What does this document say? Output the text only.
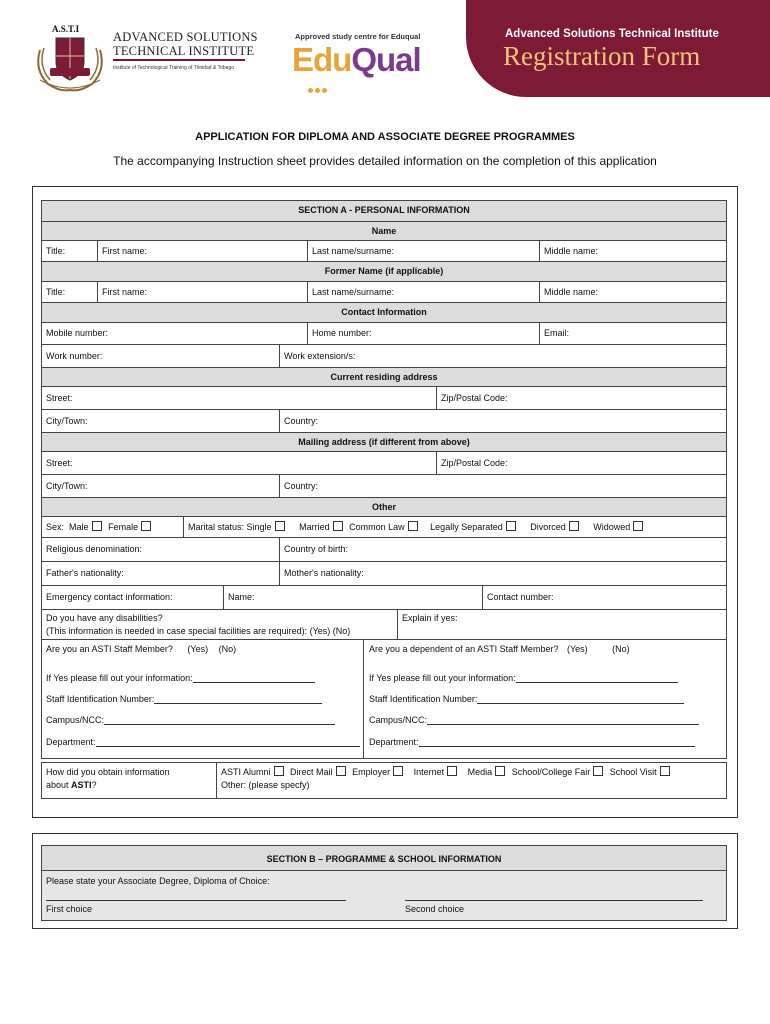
A.S.T.I
ADVANCED SOLUTIONS
TECHNICAL INSTITUTE
Institute of Technological Training of Trinidad & Tobago
Approved study centre for Eduqual
EduQual
Advanced Solutions Technical Institute
Registration Form
APPLICATION FOR DIPLOMA AND ASSOCIATE DEGREE PROGRAMMES
The accompanying Instruction sheet provides detailed information on the completion of this application
SECTION A - PERSONAL INFORMATION
Name
Title:	First name:	Last name/surname:	Middle name:
Former Name (if applicable)
Title:	First name:	Last name/surname:	Middle name:
Contact Information
Mobile number:	Home number:	Email:
Work number:	Work extension/s:
Current residing address
Street:	Zip/Postal Code:
City/Town:	Country:
Mailing address (if different from above)
Street:	Zip/Postal Code:
City/Town:	Country:
Other
Sex: Male Female	Marital status: Single	Married Common Law	Legally Separated	Divorced	Widowed
Religious denomination:	Country of birth:
Father's nationality:	Mother's nationality:
Emergency contact information:	Name:	Contact number:
Do you have any disabilities?
(This information is needed in case special facilities are required): (Yes) (No)
Explain if yes:
Are you an ASTI Staff Member? (Yes) (No)
If Yes please fill out your information:
Staff Identification Number:
Campus/NCC:
Department:
Are you a dependent of an ASTI Staff Member? (Yes)	(No)
If Yes please fill out your information:
Staff Identification Number:
Campus/NCC:
Department:
How did you obtain information
about ASTI?
ASTI Alumni Direct Mail Employer	Internet	Media School/College Fair School Visit
Other: (please specfy)
SECTION B – PROGRAMME & SCHOOL INFORMATION
Please state your Associate Degree, Diploma of Choice:
First choice	Second choice
